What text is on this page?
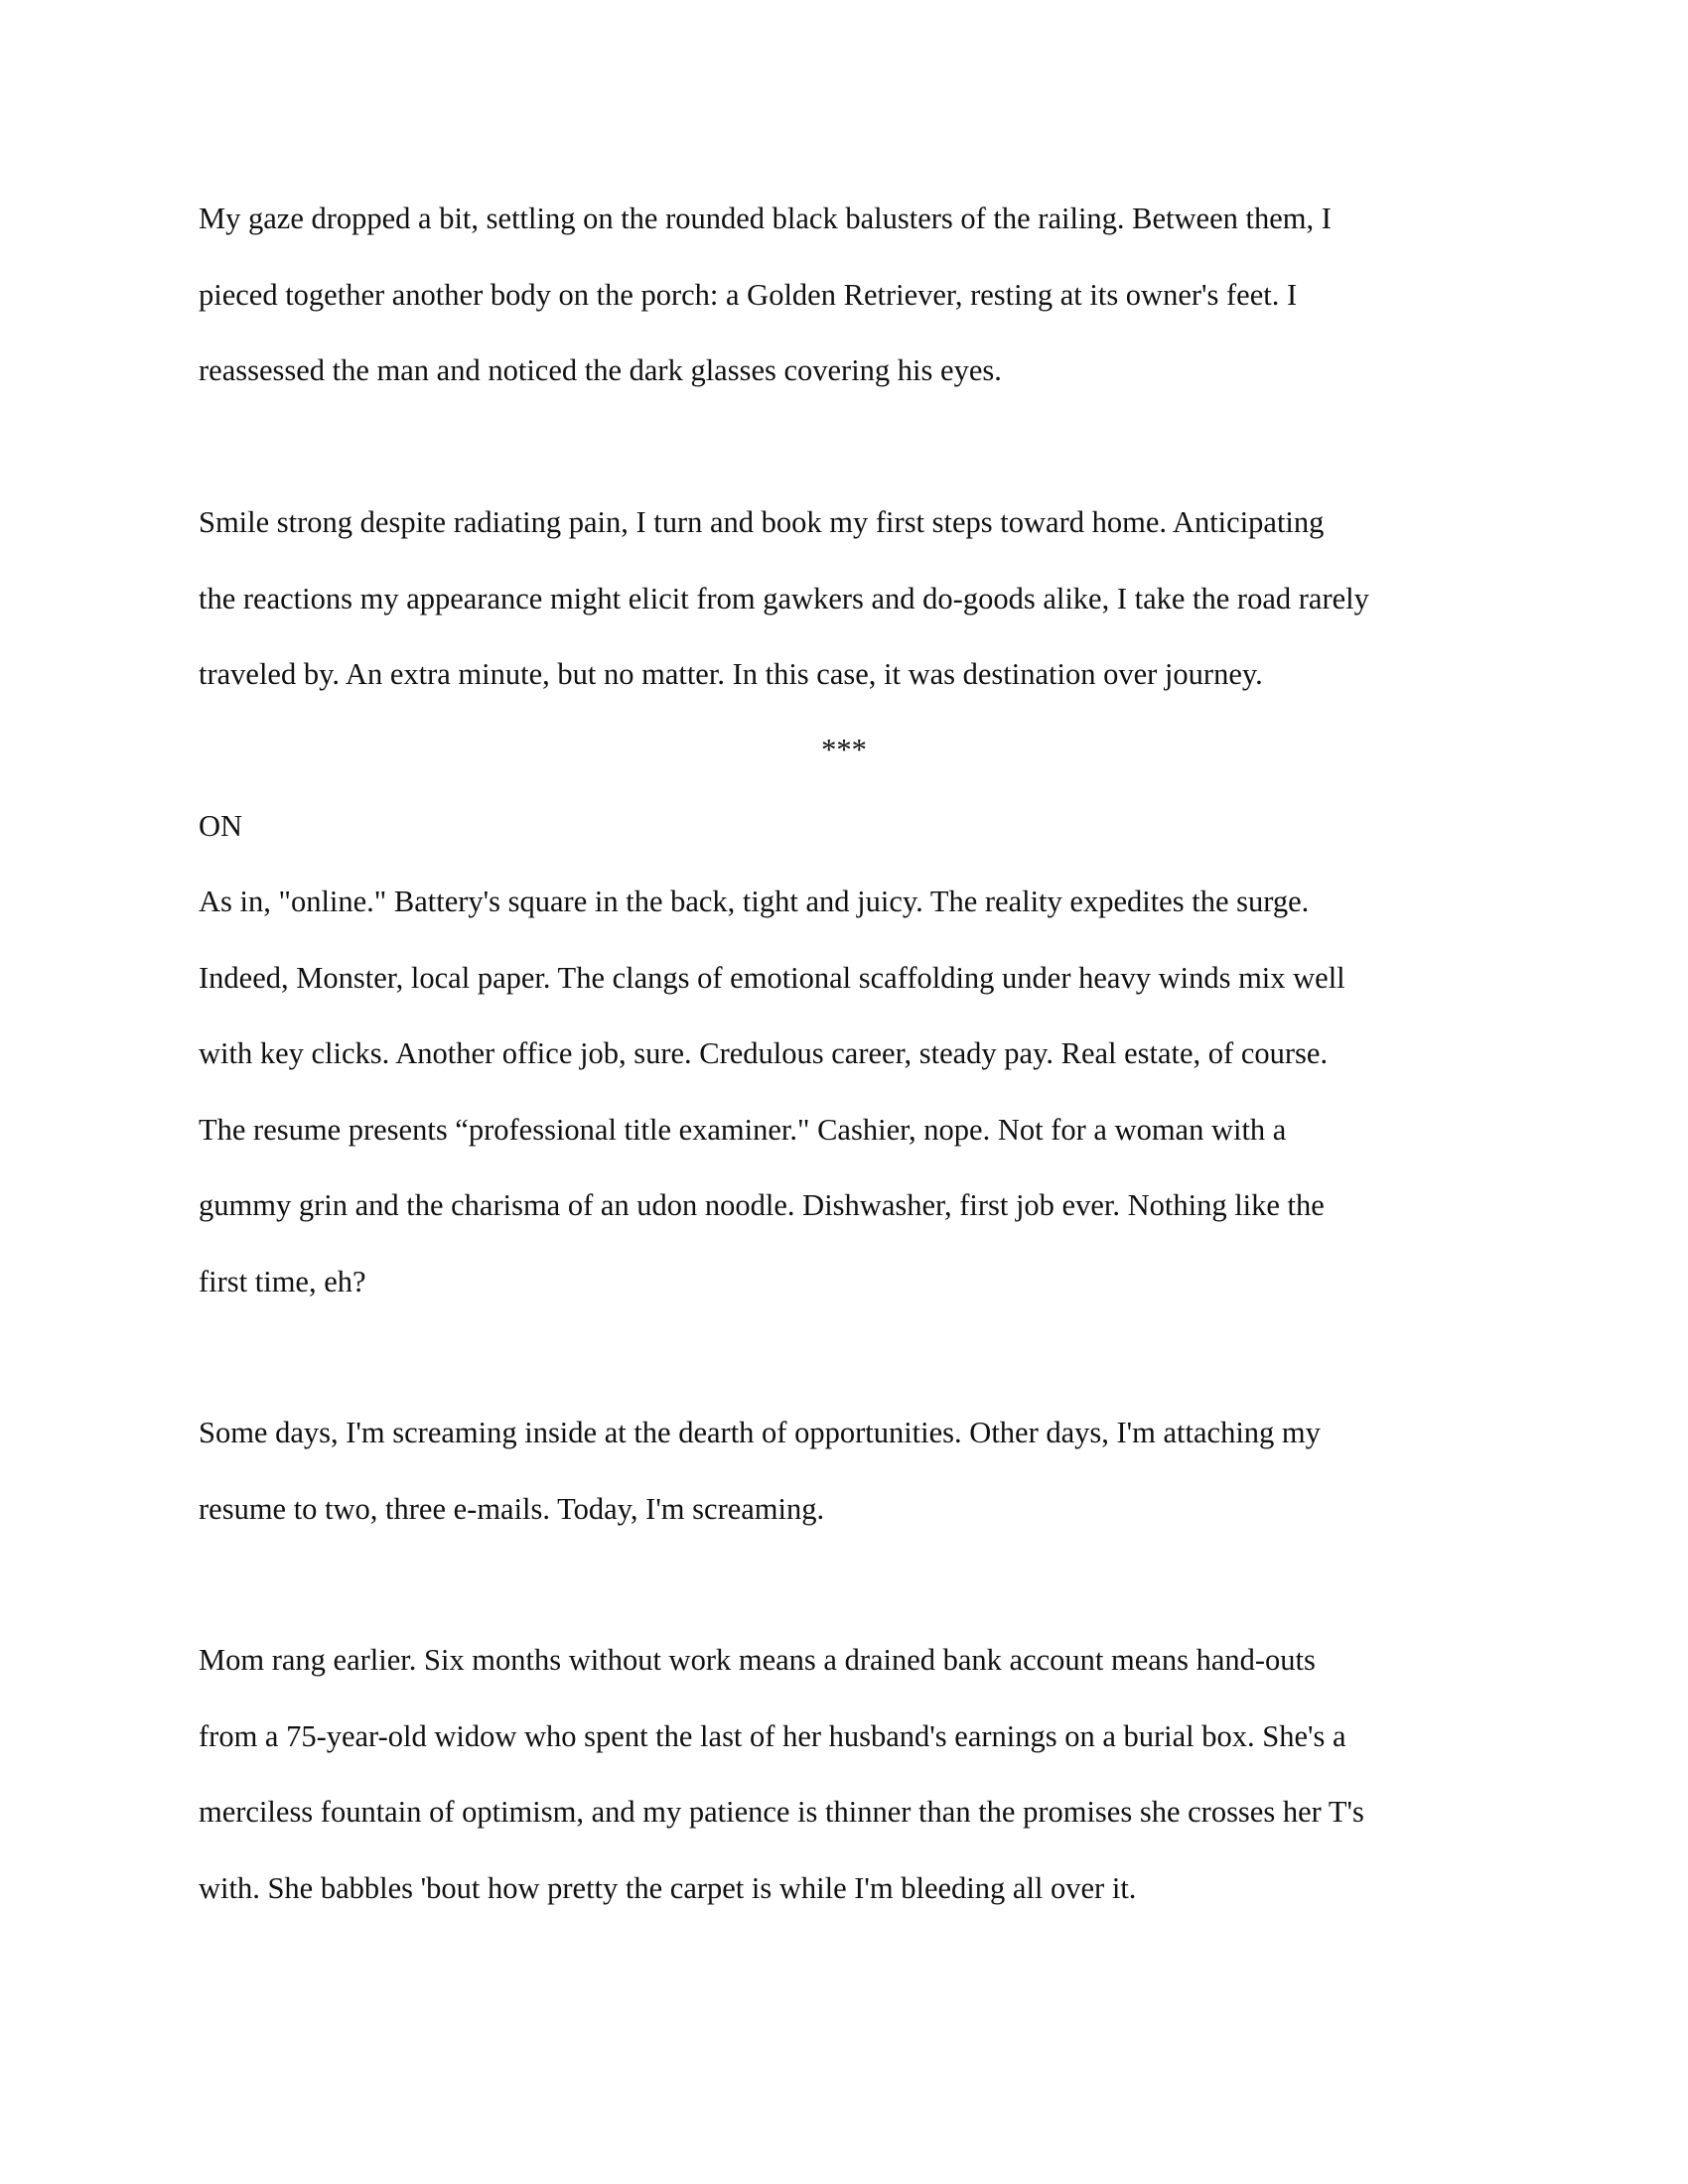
My gaze dropped a bit, settling on the rounded black balusters of the railing. Between them, I
pieced together another body on the porch: a Golden Retriever, resting at its owner's feet. I
reassessed the man and noticed the dark glasses covering his eyes.
Smile strong despite radiating pain, I turn and book my first steps toward home. Anticipating
the reactions my appearance might elicit from gawkers and do-goods alike, I take the road rarely
traveled by. An extra minute, but no matter. In this case, it was destination over journey.

***

ON

As in, "online." Battery's square in the back, tight and juicy. The reality expedites the surge.
Indeed, Monster, local paper. The clangs of emotional scaffolding under heavy winds mix well
with key clicks. Another office job, sure. Credulous career, steady pay. Real estate, of course.
The resume presents “professional title examiner." Cashier, nope. Not for a woman with a
gummy grin and the charisma of an udon noodle. Dishwasher, first job ever. Nothing like the
first time, eh?
Some days, I'm screaming inside at the dearth of opportunities. Other days, I'm attaching my
resume to two, three e-mails. Today, I'm screaming.
Mom rang earlier. Six months without work means a drained bank account means hand-outs
from a 75-year-old widow who spent the last of her husband's earnings on a burial box. She's a
merciless fountain of optimism, and my patience is thinner than the promises she crosses her T's
with. She babbles 'bout how pretty the carpet is while I'm bleeding all over it.
